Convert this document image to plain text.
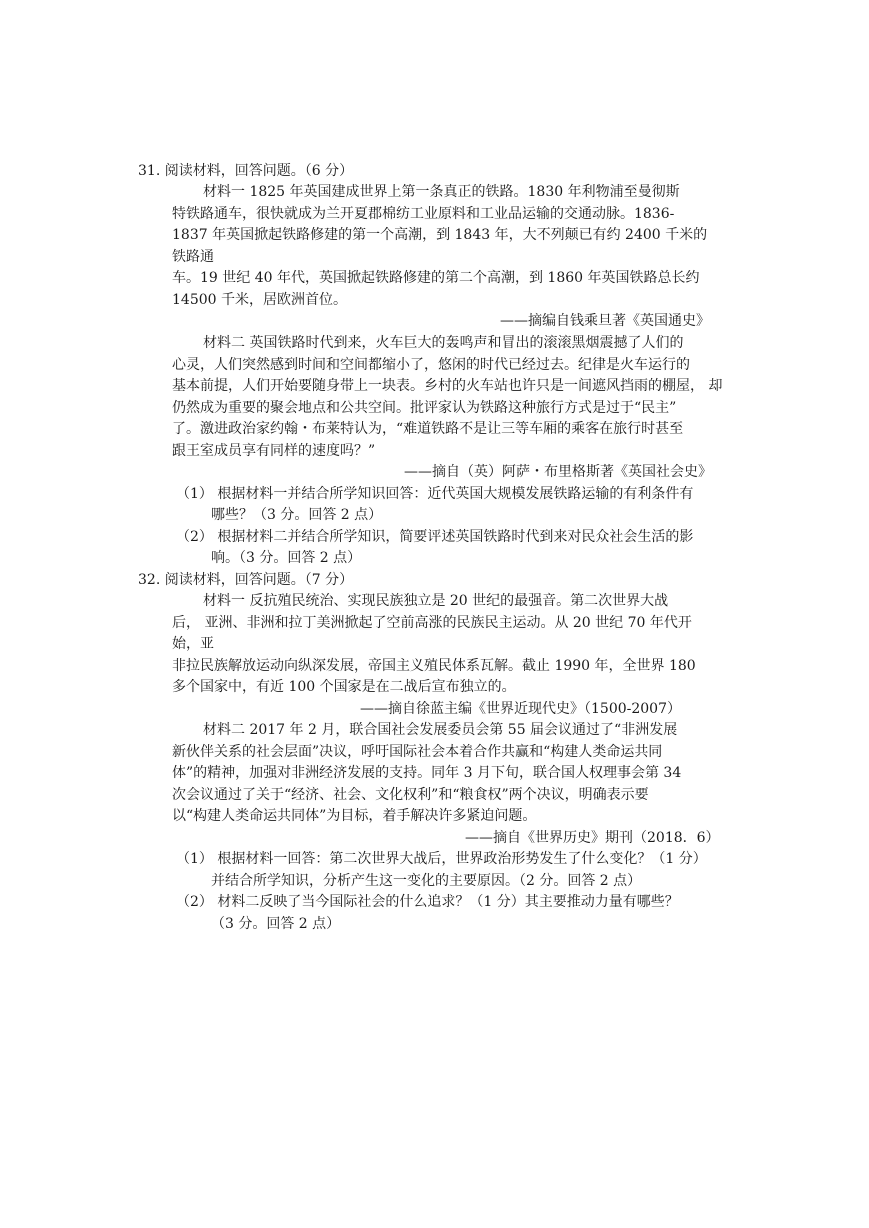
31. 阅读材料，回答问题。（6 分）
材料一 1825 年英国建成世界上第一条真正的铁路。1830 年利物浦至曼彻斯
特铁路通车，很快就成为兰开夏郡棉纺工业原料和工业品运输的交通动脉。1836-
1837 年英国掀起铁路修建的第一个高潮，到 1843 年，大不列颠已有约 2400 千米的
铁路通
车。19 世纪 40 年代，英国掀起铁路修建的第二个高潮，到 1860 年英国铁路总长约
14500 千米，居欧洲首位。
——摘编自钱乘旦著《英国通史》
材料二 英国铁路时代到来，火车巨大的轰鸣声和冒出的滚滚黑烟震撼了人们的
心灵，人们突然感到时间和空间都缩小了，悠闲的时代已经过去。纪律是火车运行的
基本前提，人们开始要随身带上一块表。乡村的火车站也许只是一间遮风挡雨的棚屋， 却
仍然成为重要的聚会地点和公共空间。批评家认为铁路这种旅行方式是过于“民主”
了。激进政治家约翰・布莱特认为，“难道铁路不是让三等车厢的乘客在旅行时甚至
跟王室成员享有同样的速度吗？”
——摘自（英）阿萨・布里格斯著《英国社会史》
（1） 根据材料一并结合所学知识回答：近代英国大规模发展铁路运输的有利条件有
哪些？（3 分。回答 2 点）
（2） 根据材料二并结合所学知识，简要评述英国铁路时代到来对民众社会生活的影
响。（3 分。回答 2 点）
32. 阅读材料，回答问题。（7 分）
材料一 反抗殖民统治、实现民族独立是 20 世纪的最强音。第二次世界大战
后， 亚洲、非洲和拉丁美洲掀起了空前高涨的民族民主运动。从 20 世纪 70 年代开
始，亚
非拉民族解放运动向纵深发展，帝国主义殖民体系瓦解。截止 1990 年，全世界 180
多个国家中，有近 100 个国家是在二战后宣布独立的。
——摘自徐蓝主编《世界近现代史》（1500-2007）
材料二 2017 年 2 月，联合国社会发展委员会第 55 届会议通过了“非洲发展
新伙伴关系的社会层面”决议，呼吁国际社会本着合作共赢和“构建人类命运共同
体”的精神，加强对非洲经济发展的支持。同年 3 月下旬，联合国人权理事会第 34
次会议通过了关于“经济、社会、文化权利”和“粮食权”两个决议，明确表示要
以“构建人类命运共同体”为目标，着手解决许多紧迫问题。
——摘自《世界历史》期刊（2018．6）
（1） 根据材料一回答：第二次世界大战后，世界政治形势发生了什么变化？（1 分）
并结合所学知识，分析产生这一变化的主要原因。（2 分。回答 2 点）
（2） 材料二反映了当今国际社会的什么追求？（1 分）其主要推动力量有哪些？
（3 分。回答 2 点）
